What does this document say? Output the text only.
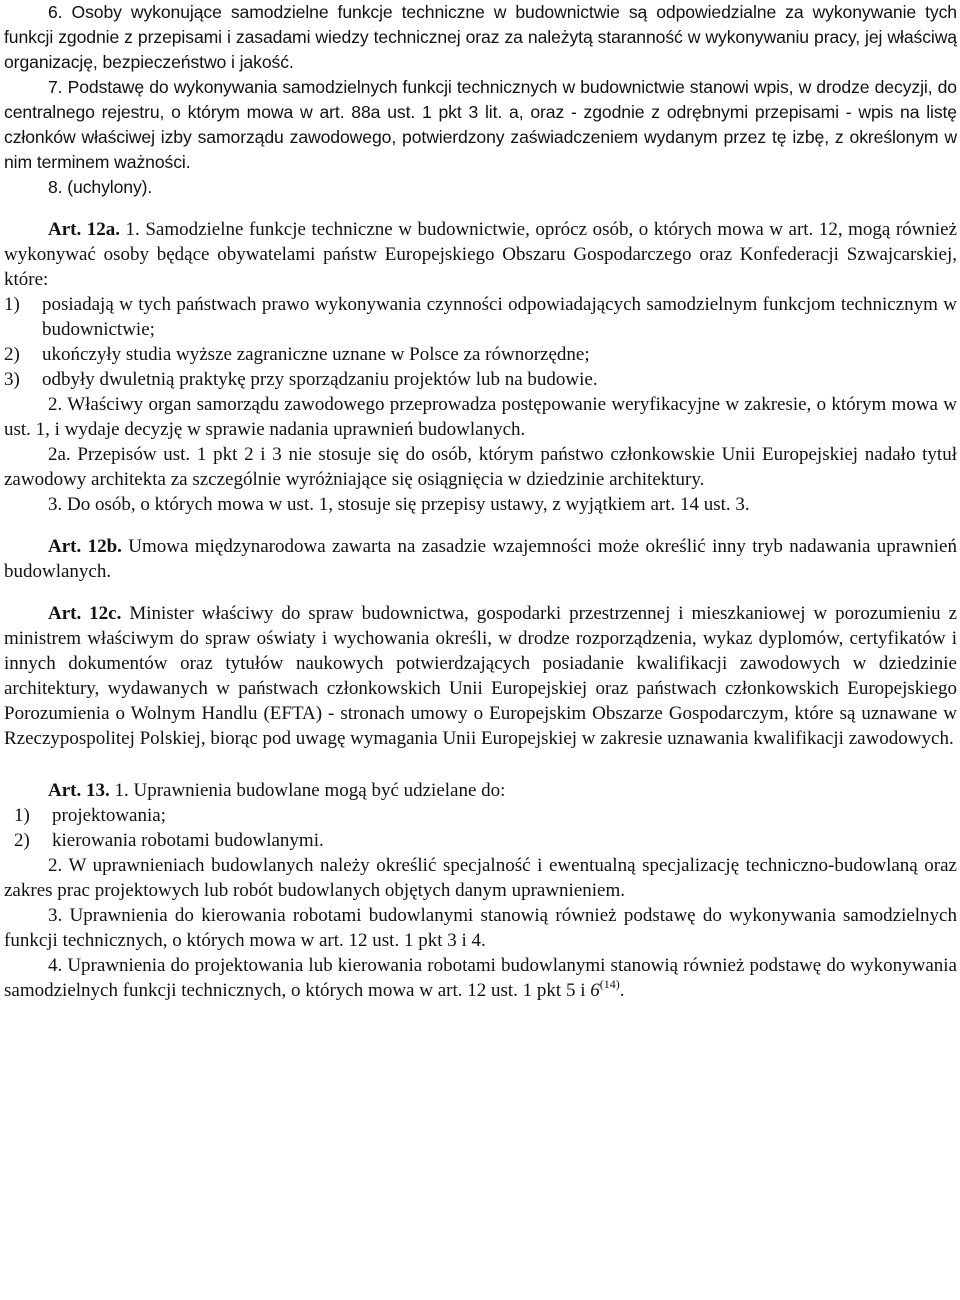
6. Osoby wykonujące samodzielne funkcje techniczne w budownictwie są odpowiedzialne za wykonywanie tych funkcji zgodnie z przepisami i zasadami wiedzy technicznej oraz za należytą staranność w wykonywaniu pracy, jej właściwą organizację, bezpieczeństwo i jakość.

7. Podstawę do wykonywania samodzielnych funkcji technicznych w budownictwie stanowi wpis, w drodze decyzji, do centralnego rejestru, o którym mowa w art. 88a ust. 1 pkt 3 lit. a, oraz - zgodnie z odrębnymi przepisami - wpis na listę członków właściwej izby samorządu zawodowego, potwierdzony zaświadczeniem wydanym przez tę izbę, z określonym w nim terminem ważności.

8. (uchylony).

Art. 12a. 1. Samodzielne funkcje techniczne w budownictwie, oprócz osób, o których mowa w art. 12, mogą również wykonywać osoby będące obywatelami państw Europejskiego Obszaru Gospodarczego oraz Konfederacji Szwajcarskiej, które:

1)	posiadają w tych państwach prawo wykonywania czynności odpowiadających samodzielnym funkcjom technicznym w budownictwie;
2)	ukończyły studia wyższe zagraniczne uznane w Polsce za równorzędne;
3)	odbyły dwuletnią praktykę przy sporządzaniu projektów lub na budowie.

2. Właściwy organ samorządu zawodowego przeprowadza postępowanie weryfikacyjne w zakresie, o którym mowa w ust. 1, i wydaje decyzję w sprawie nadania uprawnień budowlanych.

2a. Przepisów ust. 1 pkt 2 i 3 nie stosuje się do osób, którym państwo członkowskie Unii Europejskiej nadało tytuł zawodowy architekta za szczególnie wyróżniające się osiągnięcia w dziedzinie architektury.

3. Do osób, o których mowa w ust. 1, stosuje się przepisy ustawy, z wyjątkiem art. 14 ust. 3.

Art. 12b. Umowa międzynarodowa zawarta na zasadzie wzajemności może określić inny tryb nadawania uprawnień budowlanych.

Art. 12c. Minister właściwy do spraw budownictwa, gospodarki przestrzennej i mieszkaniowej w porozumieniu z ministrem właściwym do spraw oświaty i wychowania określi, w drodze rozporządzenia, wykaz dyplomów, certyfikatów i innych dokumentów oraz tytułów naukowych potwierdzających posiadanie kwalifikacji zawodowych w dziedzinie architektury, wydawanych w państwach członkowskich Unii Europejskiej oraz państwach członkowskich Europejskiego Porozumienia o Wolnym Handlu (EFTA) - stronach umowy o Europejskim Obszarze Gospodarczym, które są uznawane w Rzeczypospolitej Polskiej, biorąc pod uwagę wymagania Unii Europejskiej w zakresie uznawania kwalifikacji zawodowych.

Art. 13. 1. Uprawnienia budowlane mogą być udzielane do:

1)	projektowania;
2)	kierowania robotami budowlanymi.

2. W uprawnieniach budowlanych należy określić specjalność i ewentualną specjalizację techniczno-budowlaną oraz zakres prac projektowych lub robót budowlanych objętych danym uprawnieniem.

3. Uprawnienia do kierowania robotami budowlanymi stanowią również podstawę do wykonywania samodzielnych funkcji technicznych, o których mowa w art. 12 ust. 1 pkt 3 i 4.

4. Uprawnienia do projektowania lub kierowania robotami budowlanymi stanowią również podstawę do wykonywania samodzielnych funkcji technicznych, o których mowa w art. 12 ust. 1 pkt 5 i 6$^{(14)}$.
